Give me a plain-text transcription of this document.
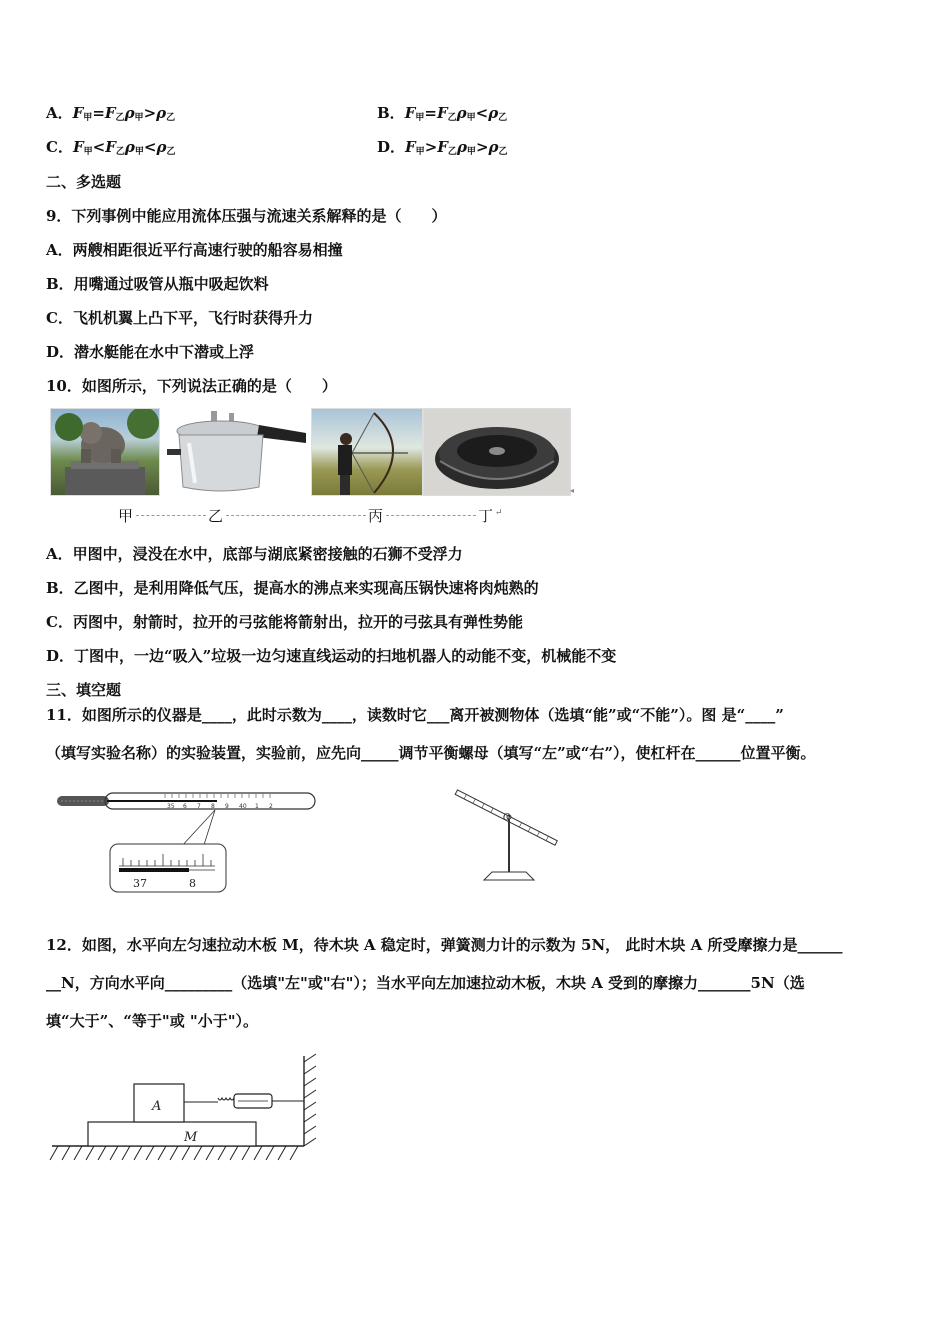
A．$F_甲=F_乙\rho_甲>\rho_乙$	B．$F_甲=F_乙\rho_甲<\rho_乙$
C．$F_甲<F_乙\rho_甲<\rho_乙$	D．$F_甲>F_乙\rho_甲>\rho_乙$
二、多选题
9．下列事例中能应用流体压强与流速关系解释的是（　　）
A．两艘相距很近平行高速行驶的船容易相撞
B．用嘴通过吸管从瓶中吸起饮料
C．飞机机翼上凸下平，飞行时获得升力
D．潜水艇能在水中下潜或上浮
10．如图所示，下列说法正确的是（　　）
◂
甲	乙	丙	丁 ↵
A．甲图中，浸没在水中，底部与湖底紧密接触的石狮不受浮力
B．乙图中，是利用降低气压，提高水的沸点来实现高压锅快速将肉炖熟的
C．丙图中，射箭时，拉开的弓弦能将箭射出，拉开的弓弦具有弹性势能
D．丁图中，一边“吸入”垃圾一边匀速直线运动的扫地机器人的动能不变，机械能不变
三、填空题
11．如图所示的仪器是____，此时示数为____，读数时它___离开被测物体（选填“能”或“不能”）。图 是“____”
（填写实验名称）的实验装置，实验前，应先向_____调节平衡螺母（填写“左”或“右”），使杠杆在______位置平衡。
35 6 7 8 9 40 1 2
37	8
O
12．如图，水平向左匀速拉动木板 M，待木块 A 稳定时，弹簧测力计的示数为 5N， 此时木块 A 所受摩擦力是______
__N，方向水平向_________（选填"左"或"右"）；当水平向左加速拉动木板，木块 A 受到的摩擦力_______5N（选
填“大于”、“等于"或 "小于"）。
M
A
